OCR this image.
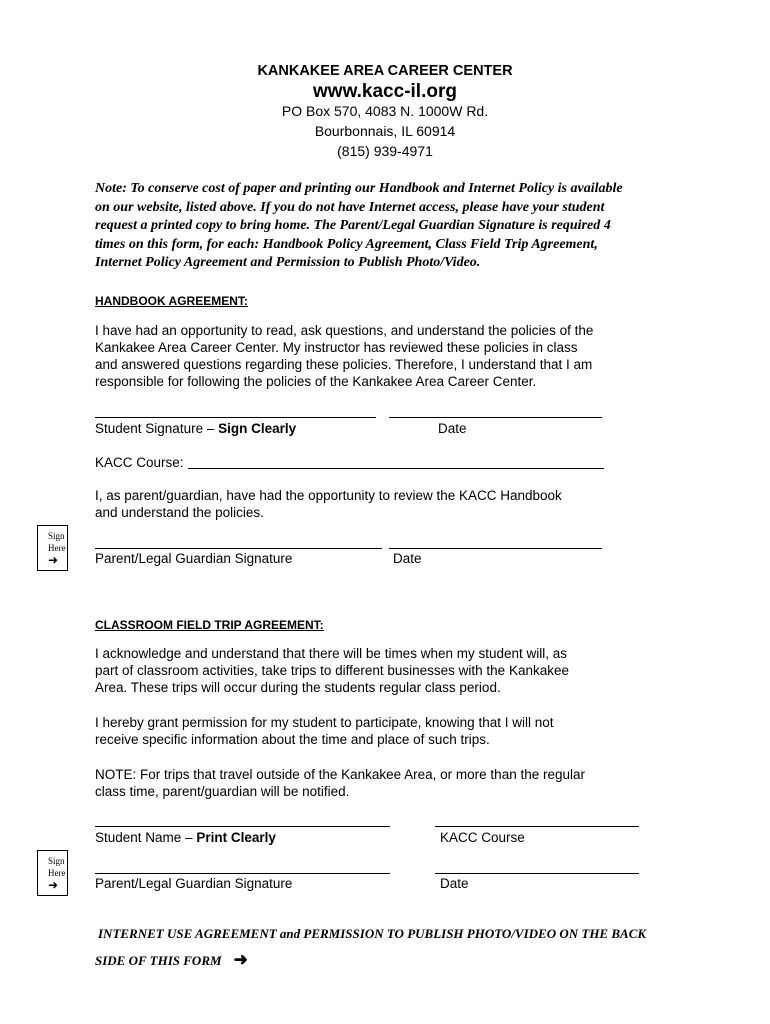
KANKAKEE AREA CAREER CENTER
www.kacc-il.org
PO Box 570, 4083 N. 1000W Rd.
Bourbonnais, IL 60914
(815) 939-4971
Note: To conserve cost of paper and printing our Handbook and Internet Policy is available
on our website, listed above. If you do not have Internet access, please have your student
request a printed copy to bring home. The Parent/Legal Guardian Signature is required 4
times on this form, for each: Handbook Policy Agreement, Class Field Trip Agreement,
Internet Policy Agreement and Permission to Publish Photo/Video.
HANDBOOK AGREEMENT:
I have had an opportunity to read, ask questions, and understand the policies of the
Kankakee Area Career Center. My instructor has reviewed these policies in class
and answered questions regarding these policies. Therefore, I understand that I am
responsible for following the policies of the Kankakee Area Career Center.
Student Signature – Sign Clearly	Date
KACC Course:
I, as parent/guardian, have had the opportunity to review the KACC Handbook
and understand the policies.
Sign
Here
➜	Parent/Legal Guardian Signature	Date
CLASSROOM FIELD TRIP AGREEMENT:
I acknowledge and understand that there will be times when my student will, as
part of classroom activities, take trips to different businesses with the Kankakee
Area. These trips will occur during the students regular class period.
I hereby grant permission for my student to participate, knowing that I will not
receive specific information about the time and place of such trips.
NOTE: For trips that travel outside of the Kankakee Area, or more than the regular
class time, parent/guardian will be notified.
Student Name – Print Clearly	KACC Course
Sign
Here
➜	Parent/Legal Guardian Signature	Date
INTERNET USE AGREEMENT and PERMISSION TO PUBLISH PHOTO/VIDEO ON THE BACK
SIDE OF THIS FORM ➜
